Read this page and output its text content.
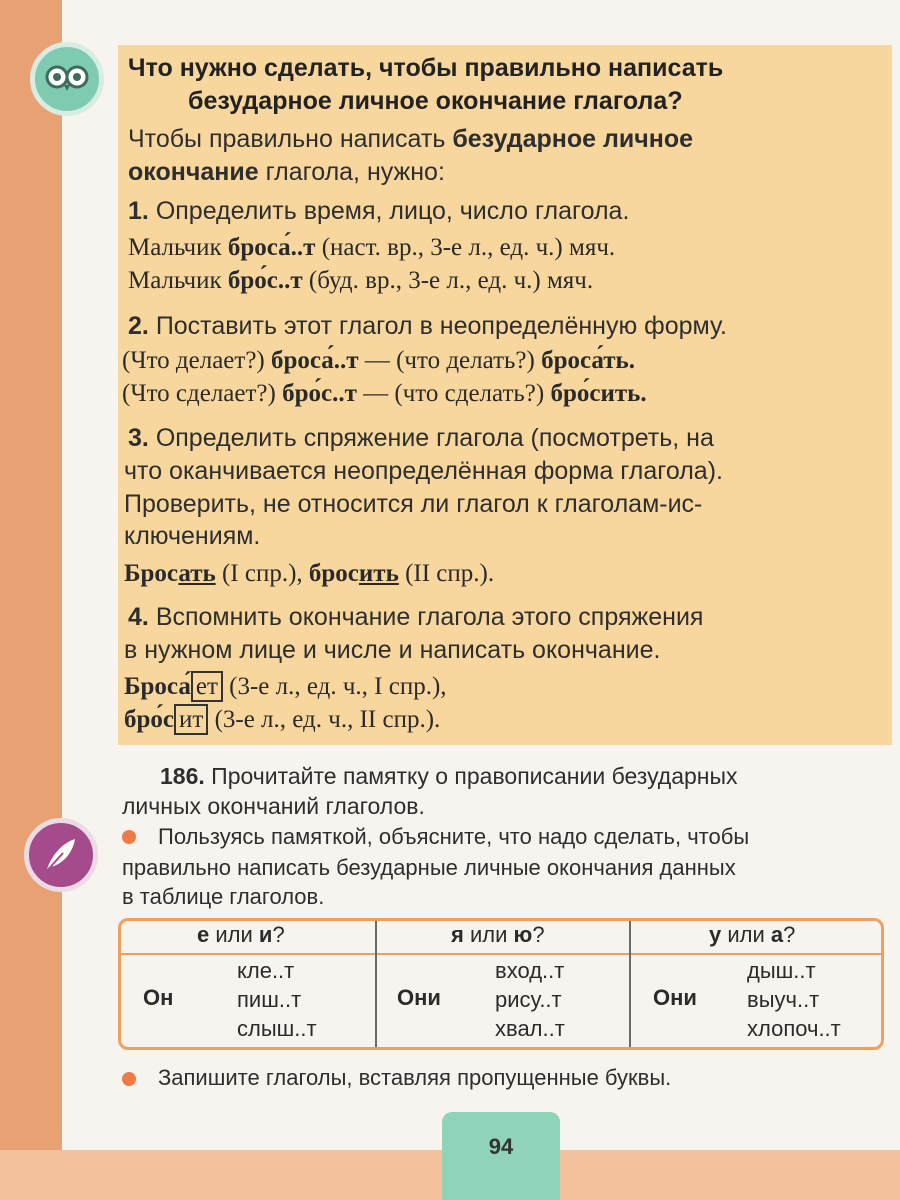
Что нужно сделать, чтобы правильно написать
безударное личное окончание глагола?
Чтобы правильно написать безударное личное
окончание глагола, нужно:
1. Определить время, лицо, число глагола.
Мальчик броса́..т (наст. вр., 3-е л., ед. ч.) мяч.
Мальчик бро́с..т (буд. вр., 3-е л., ед. ч.) мяч.
2. Поставить этот глагол в неопределённую форму.
(Что делает?) броса́..т — (что делать?) броса́ть.
(Что сделает?) бро́с..т — (что сделать?) бро́сить.
3. Определить спряжение глагола (посмотреть, на
что оканчивается неопределённая форма глагола).
Проверить, не относится ли глагол к глаголам-ис-
ключениям.
Бросать (I спр.), бросить (II спр.).
4. Вспомнить окончание глагола этого спряжения
в нужном лице и числе и написать окончание.
Броса́ ет (3-е л., ед. ч., I спр.),
бро́с ит (3-е л., ед. ч., II спр.).
186. Прочитайте памятку о правописании безударных
личных окончаний глаголов.
Пользуясь памяткой, объясните, что надо сделать, чтобы
правильно написать безударные личные окончания данных
в таблице глаголов.
е или и?	я или ю?	у или а?
Он
кле..т
пиш..т
слыш..т
Они
вход..т
рису..т
хвал..т
Они
дыш..т
выуч..т
хлопоч..т
Запишите глаголы, вставляя пропущенные буквы.
94
